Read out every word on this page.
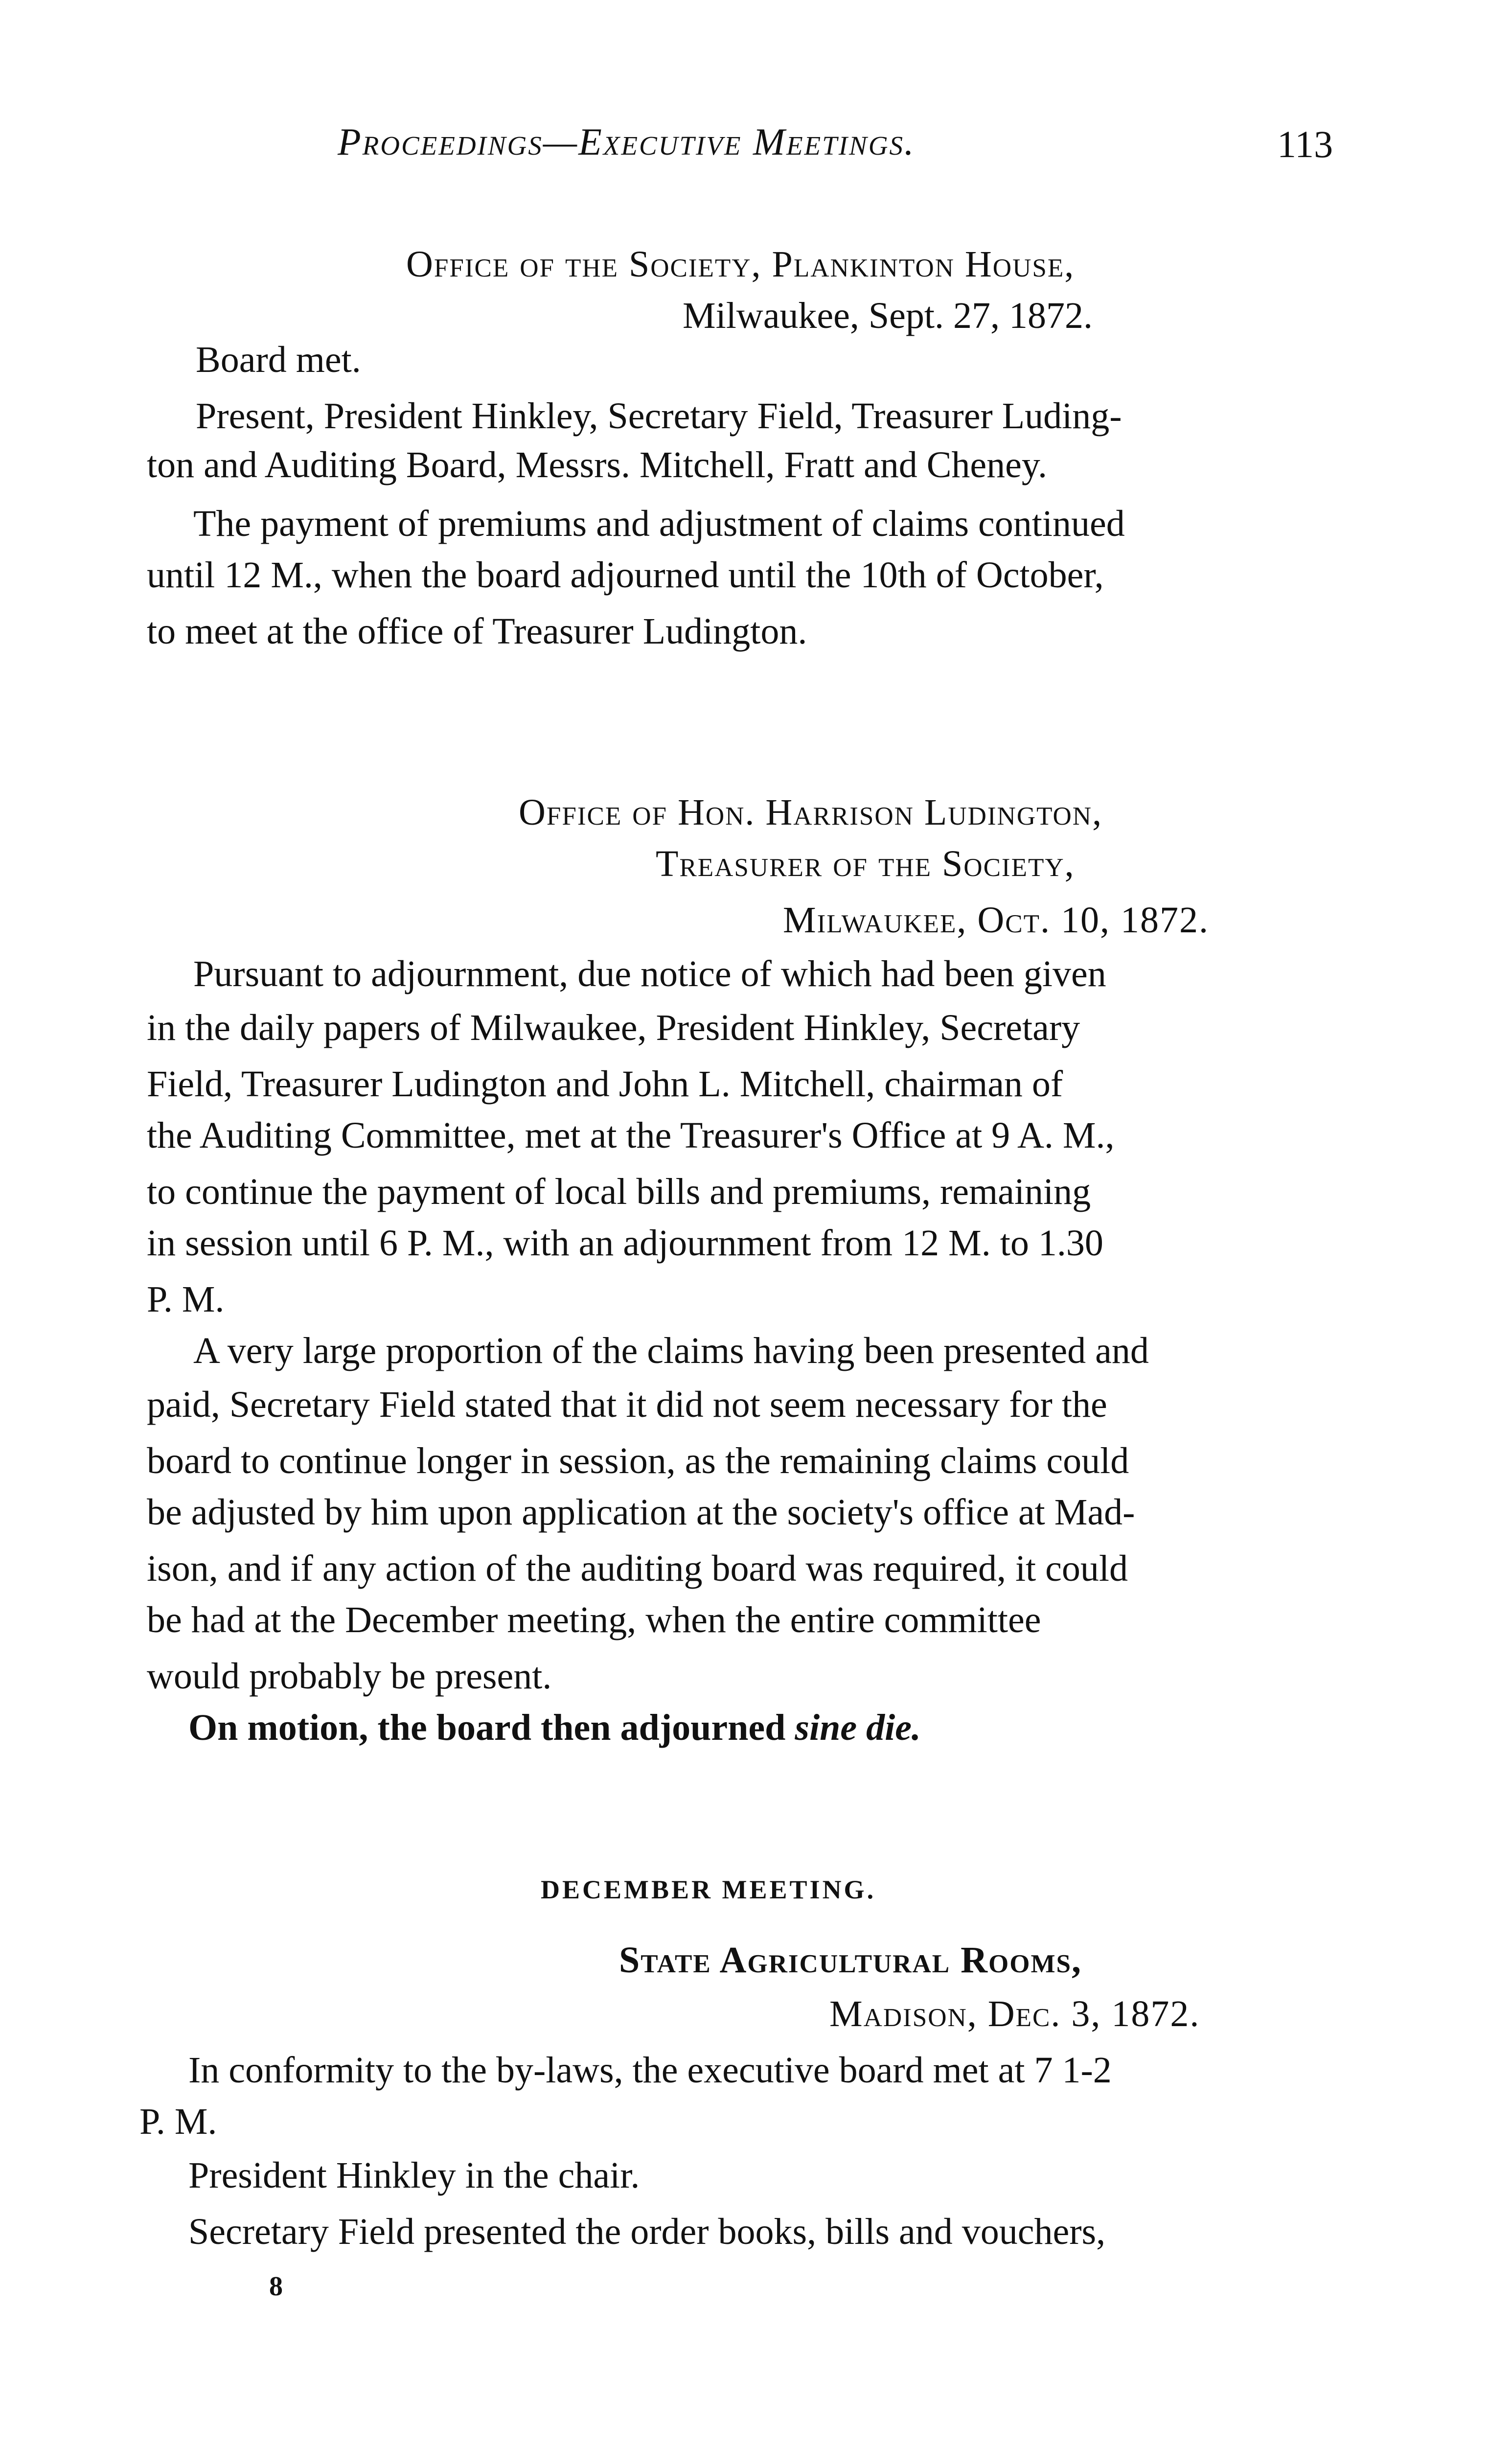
Proceedings—Executive Meetings.	113
Office of the Society, Plankinton House,
Milwaukee, Sept. 27, 1872.
Board met.
Present, President Hinkley, Secretary Field, Treasurer Luding-
ton and Auditing Board, Messrs. Mitchell, Fratt and Cheney.
The payment of premiums and adjustment of claims continued
until 12 M., when the board adjourned until the 10th of October,
to meet at the office of Treasurer Ludington.
Office of Hon. Harrison Ludington,
Treasurer of the Society,
Milwaukee, Oct. 10, 1872.
Pursuant to adjournment, due notice of which had been given
in the daily papers of Milwaukee, President Hinkley, Secretary
Field, Treasurer Ludington and John L. Mitchell, chairman of
the Auditing Committee, met at the Treasurer's Office at 9 A. M.,
to continue the payment of local bills and premiums, remaining
in session until 6 P. M., with an adjournment from 12 M. to 1.30
P. M.
A very large proportion of the claims having been presented and
paid, Secretary Field stated that it did not seem necessary for the
board to continue longer in session, as the remaining claims could
be adjusted by him upon application at the society's office at Mad-
ison, and if any action of the auditing board was required, it could
be had at the December meeting, when the entire committee
would probably be present.
On motion, the board then adjourned sine die.
DECEMBER MEETING.
State Agricultural Rooms,
Madison, Dec. 3, 1872.
In conformity to the by-laws, the executive board met at 7 1-2
P. M.
President Hinkley in the chair.
Secretary Field presented the order books, bills and vouchers,
8
